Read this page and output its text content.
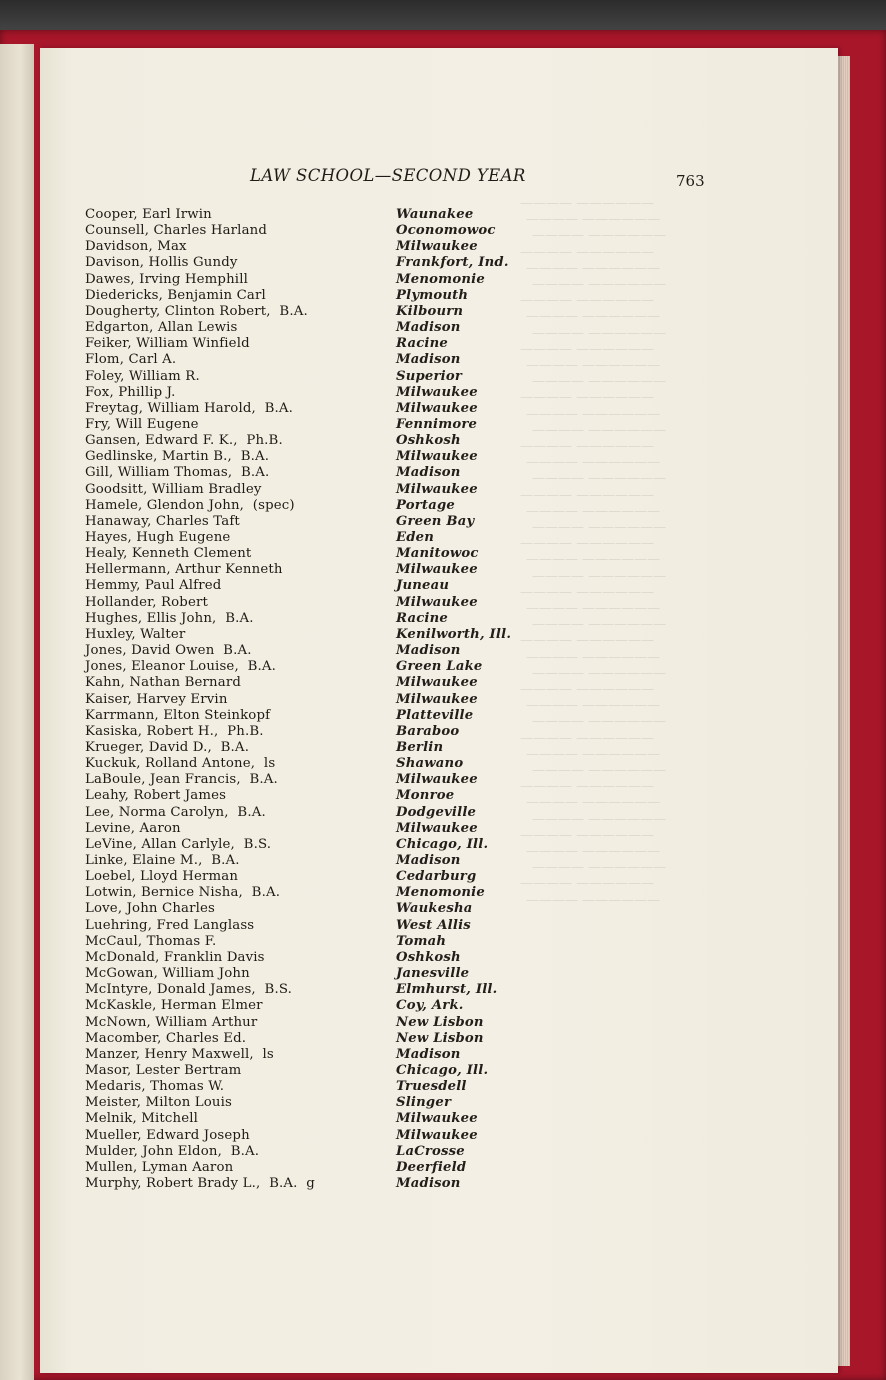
LAW SCHOOL—SECOND YEAR	763
Cooper, Earl Irwin	Waunakee
Counsell, Charles Harland	Oconomowoc
Davidson, Max	Milwaukee
Davison, Hollis Gundy	Frankfort, Ind.
Dawes, Irving Hemphill	Menomonie
Diedericks, Benjamin Carl	Plymouth
Dougherty, Clinton Robert,  B.A.	Kilbourn
Edgarton, Allan Lewis	Madison
Feiker, William Winfield	Racine
Flom, Carl A.	Madison
Foley, William R.	Superior
Fox, Phillip J.	Milwaukee
Freytag, William Harold,  B.A.	Milwaukee
Fry, Will Eugene	Fennimore
Gansen, Edward F. K.,  Ph.B.	Oshkosh
Gedlinske, Martin B.,  B.A.	Milwaukee
Gill, William Thomas,  B.A.	Madison
Goodsitt, William Bradley	Milwaukee
Hamele, Glendon John,  (spec)	Portage
Hanaway, Charles Taft	Green Bay
Hayes, Hugh Eugene	Eden
Healy, Kenneth Clement	Manitowoc
Hellermann, Arthur Kenneth	Milwaukee
Hemmy, Paul Alfred	Juneau
Hollander, Robert	Milwaukee
Hughes, Ellis John,  B.A.	Racine
Huxley, Walter	Kenilworth, Ill.
Jones, David Owen  B.A.	Madison
Jones, Eleanor Louise,  B.A.	Green Lake
Kahn, Nathan Bernard	Milwaukee
Kaiser, Harvey Ervin	Milwaukee
Karrmann, Elton Steinkopf	Platteville
Kasiska, Robert H.,  Ph.B.	Baraboo
Krueger, David D.,  B.A.	Berlin
Kuckuk, Rolland Antone,  ls	Shawano
LaBoule, Jean Francis,  B.A.	Milwaukee
Leahy, Robert James	Monroe
Lee, Norma Carolyn,  B.A.	Dodgeville
Levine, Aaron	Milwaukee
LeVine, Allan Carlyle,  B.S.	Chicago, Ill.
Linke, Elaine M.,  B.A.	Madison
Loebel, Lloyd Herman	Cedarburg
Lotwin, Bernice Nisha,  B.A.	Menomonie
Love, John Charles	Waukesha
Luehring, Fred Langlass	West Allis
McCaul, Thomas F.	Tomah
McDonald, Franklin Davis	Oshkosh
McGowan, William John	Janesville
McIntyre, Donald James,  B.S.	Elmhurst, Ill.
McKaskle, Herman Elmer	Coy, Ark.
McNown, William Arthur	New Lisbon
Macomber, Charles Ed.	New Lisbon
Manzer, Henry Maxwell,  ls	Madison
Masor, Lester Bertram	Chicago, Ill.
Medaris, Thomas W.	Truesdell
Meister, Milton Louis	Slinger
Melnik, Mitchell	Milwaukee
Mueller, Edward Joseph	Milwaukee
Mulder, John Eldon,  B.A.	LaCrosse
Mullen, Lyman Aaron	Deerfield
Murphy, Robert Brady L.,  B.A.  g	Madison
